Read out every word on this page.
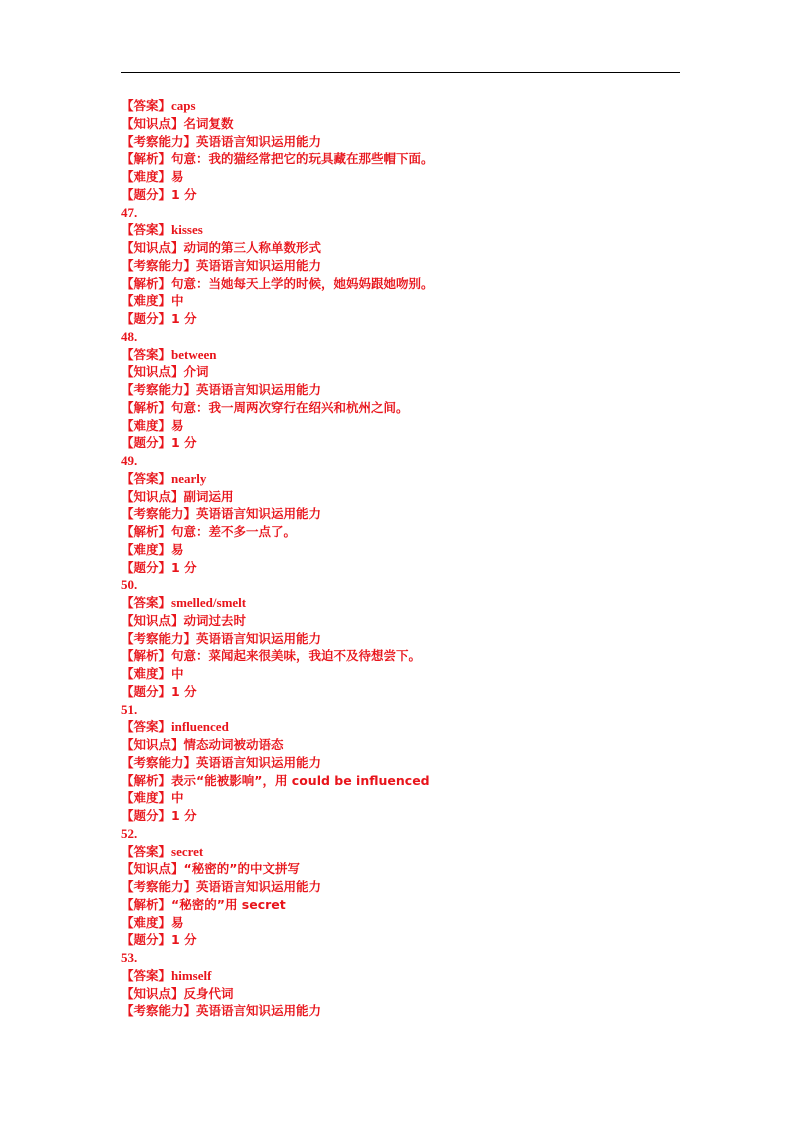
【答案】caps
【知识点】名词复数
【考察能力】英语语言知识运用能力
【解析】句意：我的猫经常把它的玩具藏在那些帽下面。
【难度】易
【题分】1 分
47.
【答案】kisses
【知识点】动词的第三人称单数形式
【考察能力】英语语言知识运用能力
【解析】句意：当她每天上学的时候，她妈妈跟她吻别。
【难度】中
【题分】1 分
48.
【答案】between
【知识点】介词
【考察能力】英语语言知识运用能力
【解析】句意：我一周两次穿行在绍兴和杭州之间。
【难度】易
【题分】1 分
49.
【答案】nearly
【知识点】副词运用
【考察能力】英语语言知识运用能力
【解析】句意：差不多一点了。
【难度】易
【题分】1 分
50.
【答案】smelled/smelt
【知识点】动词过去时
【考察能力】英语语言知识运用能力
【解析】句意：菜闻起来很美味，我迫不及待想尝下。
【难度】中
【题分】1 分
51.
【答案】influenced
【知识点】情态动词被动语态
【考察能力】英语语言知识运用能力
【解析】表示“能被影响”，用 could be influenced
【难度】中
【题分】1 分
52.
【答案】secret
【知识点】“秘密的”的中文拼写
【考察能力】英语语言知识运用能力
【解析】“秘密的”用 secret
【难度】易
【题分】1 分
53.
【答案】himself
【知识点】反身代词
【考察能力】英语语言知识运用能力
